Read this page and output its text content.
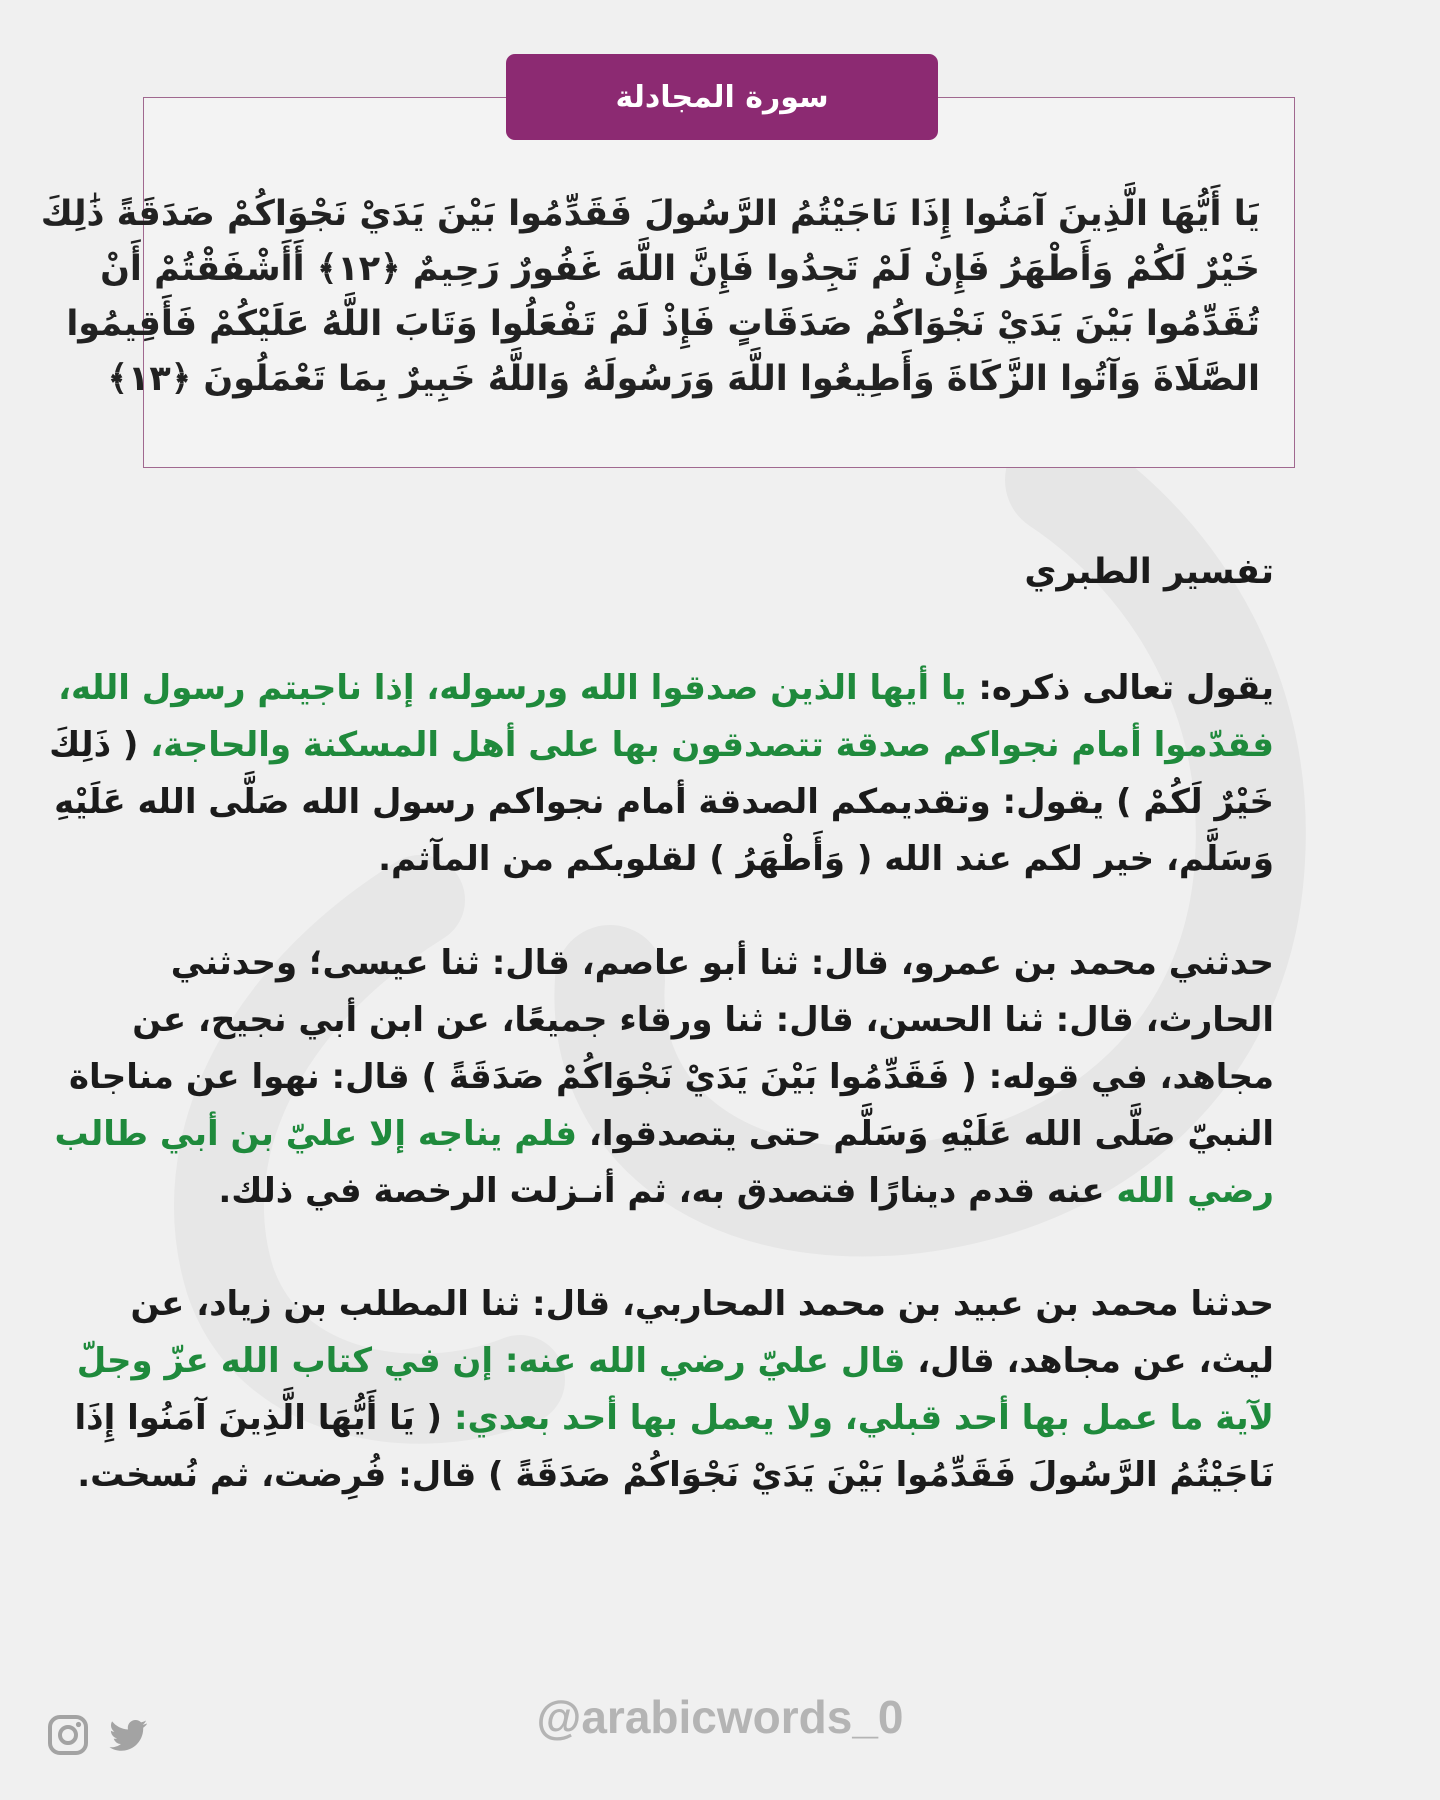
سورة المجادلة
يَا أَيُّهَا الَّذِينَ آمَنُوا إِذَا نَاجَيْتُمُ الرَّسُولَ فَقَدِّمُوا بَيْنَ يَدَيْ نَجْوَاكُمْ صَدَقَةً ذَٰلِكَ
خَيْرٌ لَكُمْ وَأَطْهَرُ فَإِنْ لَمْ تَجِدُوا فَإِنَّ اللَّهَ غَفُورٌ رَحِيمٌ ﴿١٢﴾ أَأَشْفَقْتُمْ أَنْ
تُقَدِّمُوا بَيْنَ يَدَيْ نَجْوَاكُمْ صَدَقَاتٍ فَإِذْ لَمْ تَفْعَلُوا وَتَابَ اللَّهُ عَلَيْكُمْ فَأَقِيمُوا
الصَّلَاةَ وَآتُوا الزَّكَاةَ وَأَطِيعُوا اللَّهَ وَرَسُولَهُ وَاللَّهُ خَبِيرٌ بِمَا تَعْمَلُونَ ﴿١٣﴾
تفسير الطبري
يقول تعالى ذكره: يا أيها الذين صدقوا الله ورسوله، إذا ناجيتم رسول الله،
فقدّموا أمام نجواكم صدقة تتصدقون بها على أهل المسكنة والحاجة، ( ذَلِكَ
خَيْرٌ لَكُمْ ) يقول: وتقديمكم الصدقة أمام نجواكم رسول الله صَلَّى الله عَلَيْهِ
وَسَلَّم، خير لكم عند الله ( وَأَطْهَرُ ) لقلوبكم من المآثم.
حدثني محمد بن عمرو، قال: ثنا أبو عاصم، قال: ثنا عيسى؛ وحدثني
الحارث، قال: ثنا الحسن، قال: ثنا ورقاء جميعًا، عن ابن أبي نجيح، عن
مجاهد، في قوله: ( فَقَدِّمُوا بَيْنَ يَدَيْ نَجْوَاكُمْ صَدَقَةً ) قال: نهوا عن مناجاة
النبيّ صَلَّى الله عَلَيْهِ وَسَلَّم حتى يتصدقوا، فلم يناجه إلا عليّ بن أبي طالب
رضي الله عنه قدم دينارًا فتصدق به، ثم أنـزلت الرخصة في ذلك.
حدثنا محمد بن عبيد بن محمد المحاربي، قال: ثنا المطلب بن زياد، عن
ليث، عن مجاهد، قال، قال عليّ رضي الله عنه: إن في كتاب الله عزّ وجلّ
لآية ما عمل بها أحد قبلي، ولا يعمل بها أحد بعدي: ( يَا أَيُّهَا الَّذِينَ آمَنُوا إِذَا
نَاجَيْتُمُ الرَّسُولَ فَقَدِّمُوا بَيْنَ يَدَيْ نَجْوَاكُمْ صَدَقَةً ) قال: فُرِضت، ثم نُسخت.
@arabicwords_0
